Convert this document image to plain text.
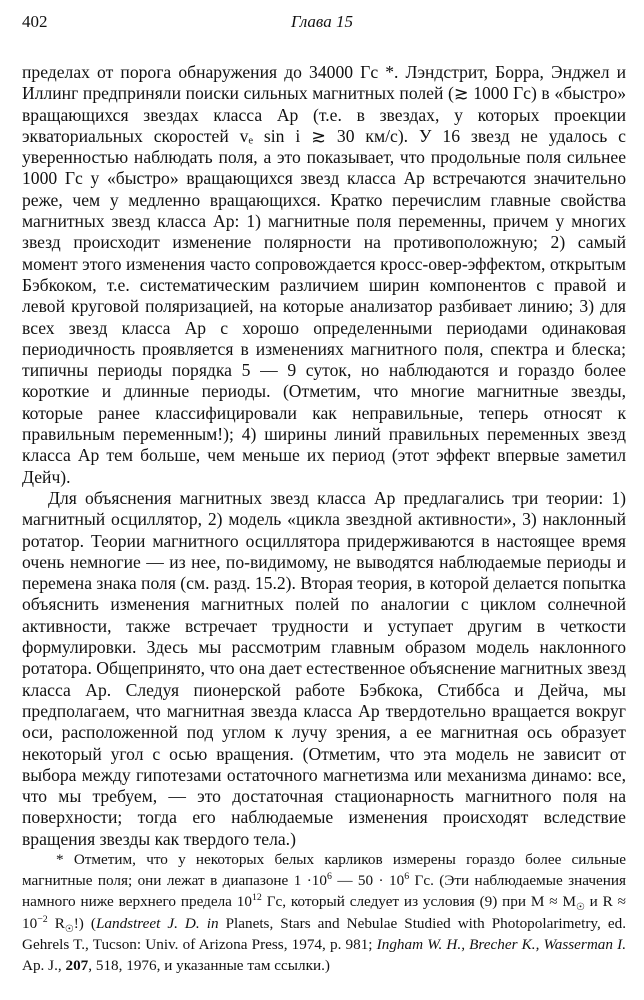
402	Глава 15

пределах от порога обнаружения до 34000 Гс *. Лэндстрит, Борра, Энджел и Иллинг предприняли поиски сильных магнитных полей (≳ 1000 Гс) в «быстро» вращающихся звездах класса Ар (т.е. в звездах, у которых проекции экваториальных скоростей vₑ sin i ≳ 30 км/с). У 16 звезд не удалось с уверенностью наблюдать поля, а это показывает, что продольные поля сильнее 1000 Гс у «быстро» вращающихся звезд класса Ар встречаются значительно реже, чем у медленно вращающихся. Кратко перечислим главные свойства магнитных звезд класса Ар: 1) магнитные поля переменны, причем у многих звезд происходит изменение полярности на противоположную; 2) самый момент этого изменения часто сопровождается кросс-овер-эффектом, открытым Бэбкоком, т.е. систематическим различием ширин компонентов с правой и левой круговой поляризацией, на которые анализатор разбивает линию; 3) для всех звезд класса Ар с хорошо определенными периодами одинаковая периодичность проявляется в изменениях магнитного поля, спектра и блеска; типичны периоды порядка 5 — 9 суток, но наблюдаются и гораздо более короткие и длинные периоды. (Отметим, что многие магнитные звезды, которые ранее классифицировали как неправильные, теперь относят к правильным переменным!); 4) ширины линий правильных переменных звезд класса Ар тем больше, чем меньше их период (этот эффект впервые заметил Дейч).

Для объяснения магнитных звезд класса Ар предлагались три теории: 1) магнитный осциллятор, 2) модель «цикла звездной активности», 3) наклонный ротатор. Теории магнитного осциллятора придерживаются в настоящее время очень немногие — из нее, по-видимому, не выводятся наблюдаемые периоды и перемена знака поля (см. разд. 15.2). Вторая теория, в которой делается попытка объяснить изменения магнитных полей по аналогии с циклом солнечной активности, также встречает трудности и уступает другим в четкости формулировки. Здесь мы рассмотрим главным образом модель наклонного ротатора. Общепринято, что она дает естественное объяснение магнитных звезд класса Ар. Следуя пионерской работе Бэбкока, Стиббса и Дейча, мы предполагаем, что магнитная звезда класса Ар твердотельно вращается вокруг оси, расположенной под углом к лучу зрения, а ее магнитная ось образует некоторый угол с осью вращения. (Отметим, что эта модель не зависит от выбора между гипотезами остаточного магнетизма или механизма динамо: все, что мы требуем, — это достаточная стационарность магнитного поля на поверхности; тогда его наблюдаемые изменения происходят вследствие вращения звезды как твердого тела.)

* Отметим, что у некоторых белых карликов измерены гораздо более сильные магнитные поля; они лежат в диапазоне $1 \cdot 10^6$ — $50 \cdot 10^6$ Гс. (Эти наблюдаемые значения намного ниже верхнего предела $10^{12}$ Гс, который следует из условия (9) при $M \approx M_☉$ и $R \approx 10^{-2}$ $R_☉$!) (Landstreet J. D. in Planets, Stars and Nebulae Studied with Photopolarimetry, ed. Gehrels T., Tucson: Univ. of Arizona Press, 1974, p. 981; Ingham W. H., Brecher K., Wasserman I. Ap. J., 207, 518, 1976, и указанные там ссылки.)
